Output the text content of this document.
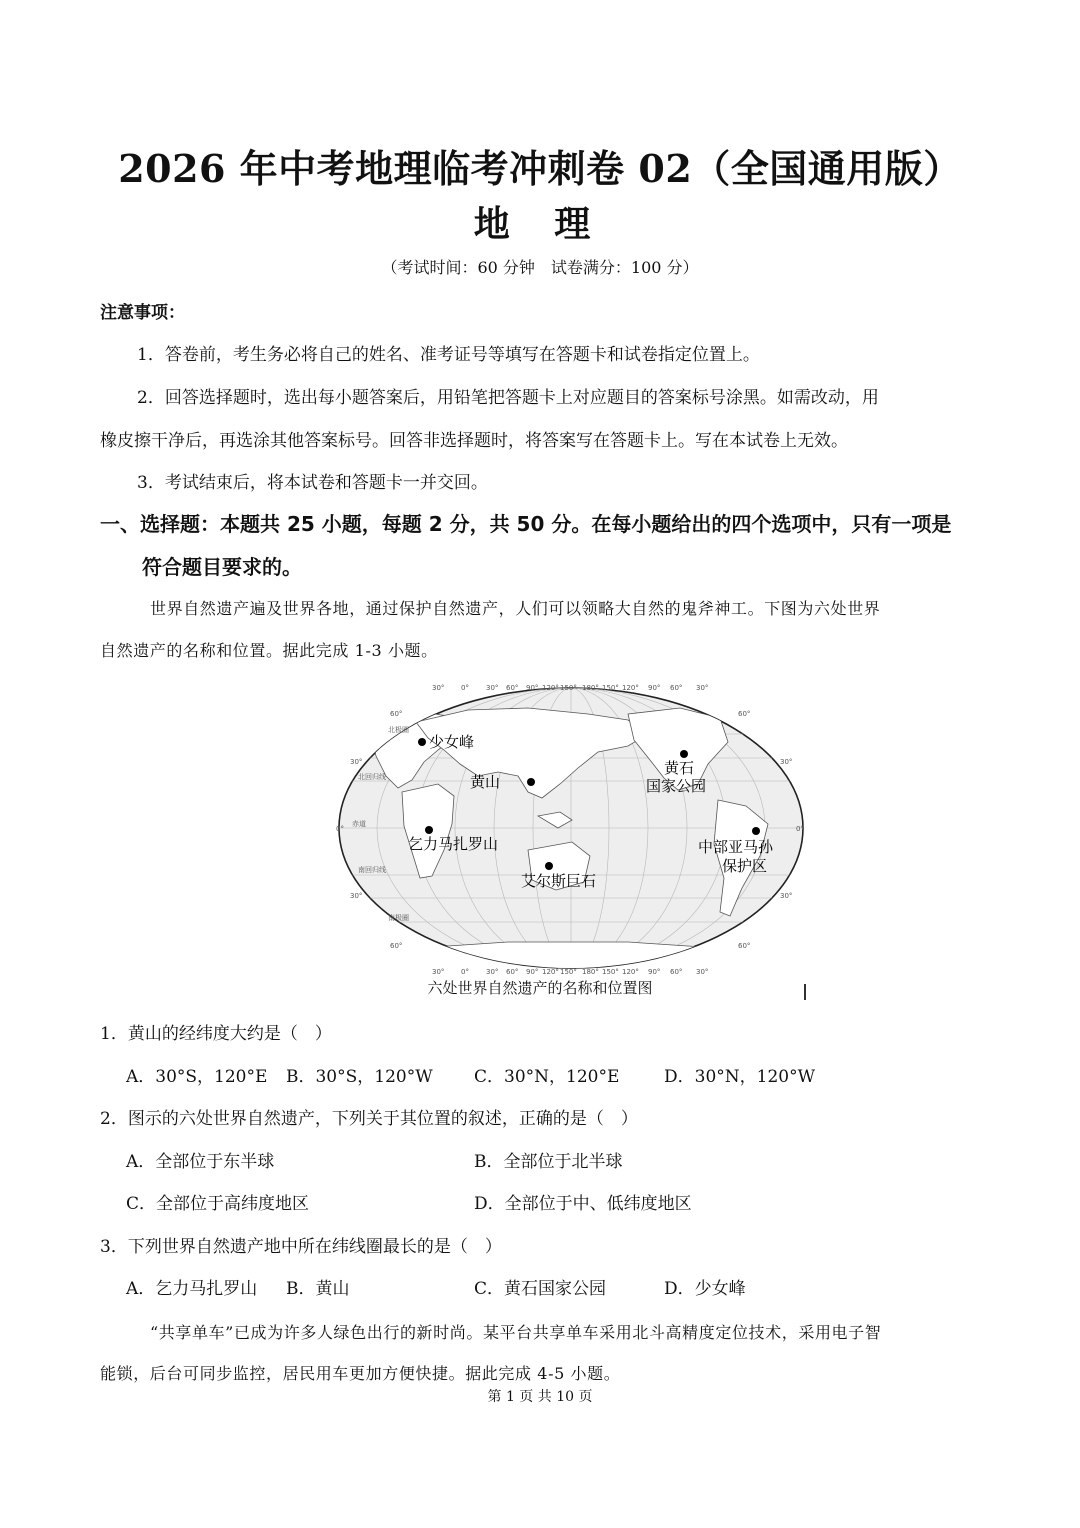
2026 年中考地理临考冲刺卷 02（全国通用版）
地 理
（考试时间：60 分钟　试卷满分：100 分）
注意事项：
1．答卷前，考生务必将自己的姓名、准考证号等填写在答题卡和试卷指定位置上。
2．回答选择题时，选出每小题答案后，用铅笔把答题卡上对应题目的答案标号涂黑。如需改动，用
橡皮擦干净后，再选涂其他答案标号。回答非选择题时，将答案写在答题卡上。写在本试卷上无效。
3．考试结束后，将本试卷和答题卡一并交回。
一、选择题：本题共 25 小题，每题 2 分，共 50 分。在每小题给出的四个选项中，只有一项是
符合题目要求的。
世界自然遗产遍及世界各地，通过保护自然遗产，人们可以领略大自然的鬼斧神工。下图为六处世界
自然遗产的名称和位置。据此完成 1-3 小题。
30° 0° 30° 60° 90° 120° 150° 180° 150° 120° 90° 60° 30°
30° 0° 30° 60° 90° 120° 150° 180° 150° 120° 90° 60° 30°
60°
30°
0°
30°
60°
60°
30°
0°
30°
60°
北极圈
北回归线
赤道
南回归线
南极圈
少女峰
黄山
黄石
国家公园
乞力马扎罗山
艾尔斯巨石
中部亚马孙
保护区
六处世界自然遗产的名称和位置图
1．黄山的经纬度大约是（　）
A．30°S，120°E B．30°S，120°W C．30°N，120°E	D．30°N，120°W
2．图示的六处世界自然遗产，下列关于其位置的叙述，正确的是（　）
A．全部位于东半球	B．全部位于北半球
C．全部位于高纬度地区	D．全部位于中、低纬度地区
3．下列世界自然遗产地中所在纬线圈最长的是（　）
A．乞力马扎罗山 B．黄山	C．黄石国家公园	D．少女峰
“共享单车”已成为许多人绿色出行的新时尚。某平台共享单车采用北斗高精度定位技术，采用电子智
能锁，后台可同步监控，居民用车更加方便快捷。据此完成 4-5 小题。
第 1 页 共 10 页
